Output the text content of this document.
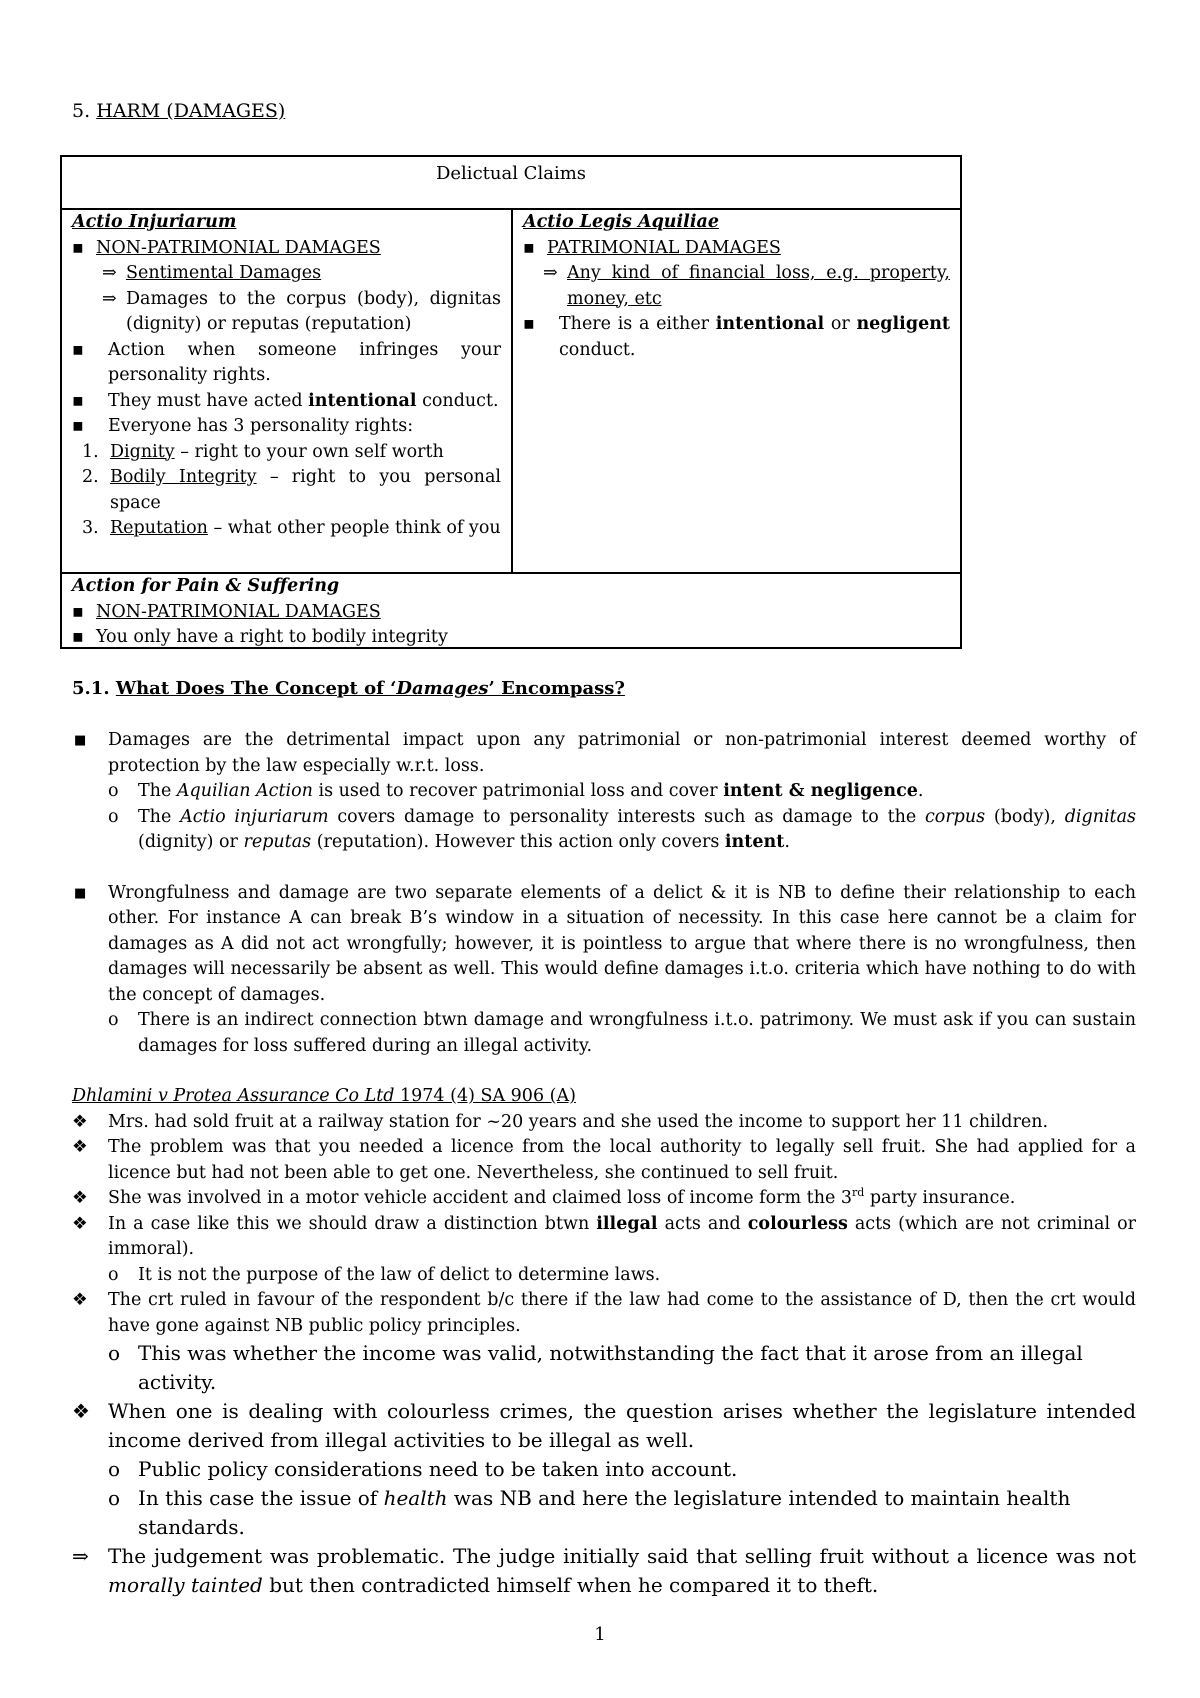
5. HARM (DAMAGES)
Delictual Claims
Actio Injuriarum
▪ NON-PATRIMONIAL DAMAGES
⇒ Sentimental Damages
⇒ Damages to the corpus (body), dignitas (dignity) or reputas (reputation)
▪ Action when someone infringes your personality rights.
▪ They must have acted intentional conduct.
▪ Everyone has 3 personality rights:
1. Dignity – right to your own self worth
2. Bodily Integrity – right to you personal space
3. Reputation – what other people think of you
Actio Legis Aquiliae
▪ PATRIMONIAL DAMAGES
⇒ Any kind of financial loss, e.g. property, money, etc
▪ There is a either intentional or negligent conduct.
Action for Pain & Suffering
▪ NON-PATRIMONIAL DAMAGES
▪ You only have a right to bodily integrity
5.1. What Does The Concept of ‘Damages’ Encompass?
■ Damages are the detrimental impact upon any patrimonial or non-patrimonial interest deemed worthy of protection by the law especially w.r.t. loss.
o The Aquilian Action is used to recover patrimonial loss and cover intent & negligence.
o The Actio injuriarum covers damage to personality interests such as damage to the corpus (body), dignitas (dignity) or reputas (reputation). However this action only covers intent.
■ Wrongfulness and damage are two separate elements of a delict & it is NB to define their relationship to each other. For instance A can break B’s window in a situation of necessity. In this case here cannot be a claim for damages as A did not act wrongfully; however, it is pointless to argue that where there is no wrongfulness, then damages will necessarily be absent as well. This would define damages i.t.o. criteria which have nothing to do with the concept of damages.
o There is an indirect connection btwn damage and wrongfulness i.t.o. patrimony. We must ask if you can sustain damages for loss suffered during an illegal activity.
Dhlamini v Protea Assurance Co Ltd 1974 (4) SA 906 (A)
❖ Mrs. had sold fruit at a railway station for ~20 years and she used the income to support her 11 children.
❖ The problem was that you needed a licence from the local authority to legally sell fruit. She had applied for a licence but had not been able to get one. Nevertheless, she continued to sell fruit.
❖ She was involved in a motor vehicle accident and claimed loss of income form the 3rd party insurance.
❖ In a case like this we should draw a distinction btwn illegal acts and colourless acts (which are not criminal or immoral).
o It is not the purpose of the law of delict to determine laws.
❖ The crt ruled in favour of the respondent b/c there if the law had come to the assistance of D, then the crt would have gone against NB public policy principles.
o This was whether the income was valid, notwithstanding the fact that it arose from an illegal activity.
❖ When one is dealing with colourless crimes, the question arises whether the legislature intended income derived from illegal activities to be illegal as well.
o Public policy considerations need to be taken into account.
o In this case the issue of health was NB and here the legislature intended to maintain health standards.
⇒ The judgement was problematic. The judge initially said that selling fruit without a licence was not morally tainted but then contradicted himself when he compared it to theft.
1
